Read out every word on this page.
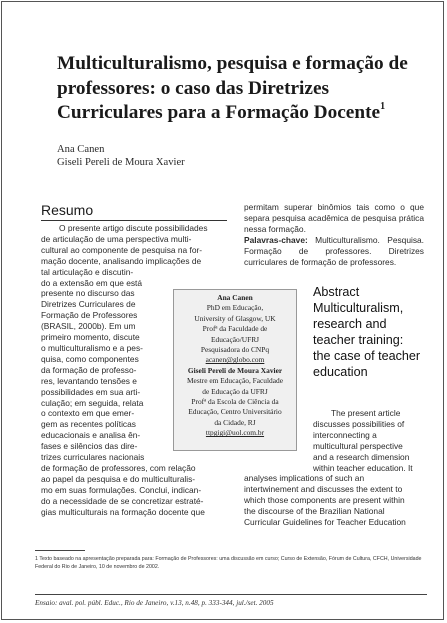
Multiculturalismo, pesquisa e formação de professores: o caso das Diretrizes Curriculares para a Formação Docente$^1$
Ana Canen
Giseli Pereli de Moura Xavier
Resumo
O presente artigo discute possibilidades
de articulação de uma perspectiva multi-
cultural ao componente de pesquisa na for-
mação docente, analisando implicações de
tal articulação e discutin-
do a extensão em que está
presente no discurso das
Diretrizes Curriculares de
Formação de Professores
(BRASIL, 2000b). Em um
primeiro momento, discute
o multiculturalismo e a pes-
quisa, como componentes
da formação de professo-
res, levantando tensões e
possibilidades em sua arti-
culação; em seguida, relata
o contexto em que emer-
gem as recentes políticas
educacionais e analisa ên-
fases e silêncios das dire-
trizes curriculares nacionais
de formação de professores, com relação
ao papel da pesquisa e do multiculturalis-
mo em suas formulações. Conclui, indican-
do a necessidade de se concretizar estraté-
gias multiculturais na formação docente que
Ana Canen
PhD em Educação,
University of Glasgow, UK
Profª da Faculdade de
Educação/UFRJ
Pesquisadora do CNPq
acanen@globo.com
Giseli Pereli de Moura Xavier
Mestre em Educação, Faculdade
de Educação da UFRJ
Profª da Escola de Ciência da
Educação, Centro Universitário
da Cidade, RJ
ttpgigi@uol.com.br

permitam superar binômios tais como o que separa pesquisa acadêmica de pesquisa prática nessa formação.

Palavras-chave: Multiculturalismo. Pesquisa. Formação de professores. Diretrizes curriculares de formação de professores.

Abstract Multiculturalism, research and teacher training: the case of teacher education
The present article
discusses possibilities of
interconnecting a
multicultural perspective
and a research dimension
within teacher education. It
analyses implications of such an
intertwinement and discusses the extent to
which those components are present within
the discourse of the Brazilian National
Curricular Guidelines for Teacher Education

1 Texto baseado na apresentação preparada para: Formação de Professores: uma discussão em curso; Curso de Extensão, Fórum de Cultura, CFCH, Universidade Federal do Rio de Janeiro, 10 de novembro de 2002.

Ensaio: aval. pol. públ. Educ., Rio de Janeiro, v.13, n.48, p. 333-344, jul./set. 2005
